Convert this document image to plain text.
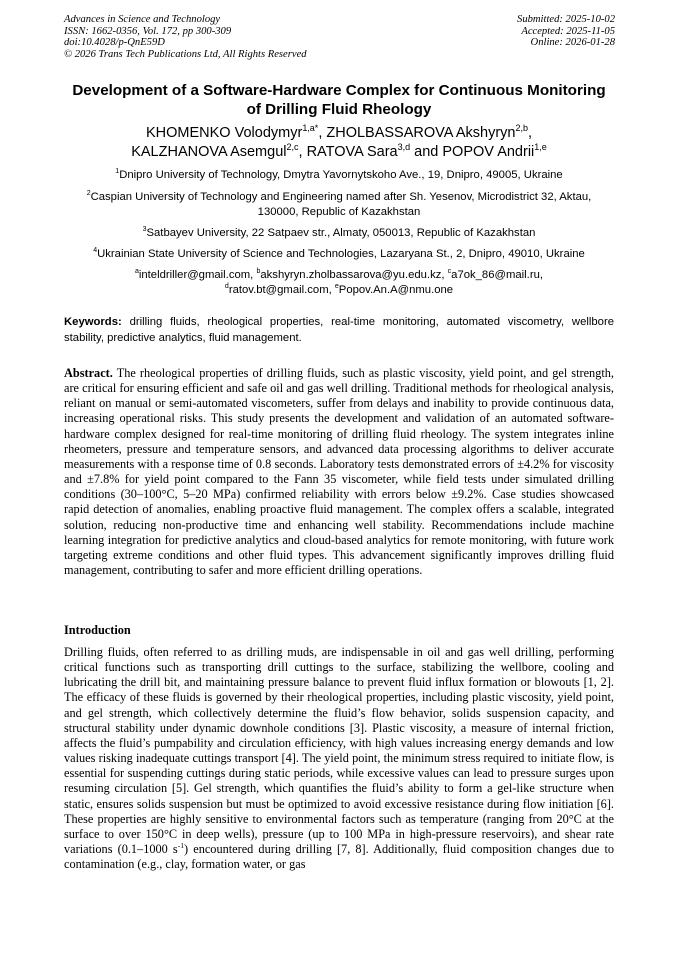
Advances in Science and Technology
ISSN: 1662-0356, Vol. 172, pp 300-309
doi:10.4028/p-QnE59D
© 2026 Trans Tech Publications Ltd, All Rights Reserved
Submitted: 2025-10-02
Accepted: 2025-11-05
Online: 2026-01-28
Development of a Software-Hardware Complex for Continuous Monitoring of Drilling Fluid Rheology
KHOMENKO Volodymyr$^{1,a*}$, ZHOLBASSAROVA Akshyryn$^{2,b}$,
KALZHANOVA Asemgul$^{2,c}$, RATOVA Sara$^{3,d}$ and POPOV Andrii$^{1,e}$
$^1$Dnipro University of Technology, Dmytra Yavornytskoho Ave., 19, Dnipro, 49005, Ukraine
$^2$Caspian University of Technology and Engineering named after Sh. Yesenov, Microdistrict 32, Aktau, 130000, Republic of Kazakhstan
$^3$Satbayev University, 22 Satpaev str., Almaty, 050013, Republic of Kazakhstan
$^4$Ukrainian State University of Science and Technologies, Lazaryana St., 2, Dnipro, 49010, Ukraine
$^a$inteldriller@gmail.com, $^b$akshyryn.zholbassarova@yu.edu.kz, $^c$a7ok_86@mail.ru,
$^d$ratov.bt@gmail.com, $^e$Popov.An.A@nmu.one
Keywords: drilling fluids, rheological properties, real-time monitoring, automated viscometry, wellbore stability, predictive analytics, fluid management.
Abstract. The rheological properties of drilling fluids, such as plastic viscosity, yield point, and gel strength, are critical for ensuring efficient and safe oil and gas well drilling. Traditional methods for rheological analysis, reliant on manual or semi-automated viscometers, suffer from delays and inability to provide continuous data, increasing operational risks. This study presents the development and validation of an automated software-hardware complex designed for real-time monitoring of drilling fluid rheology. The system integrates inline rheometers, pressure and temperature sensors, and advanced data processing algorithms to deliver accurate measurements with a response time of 0.8 seconds. Laboratory tests demonstrated errors of ±4.2% for viscosity and ±7.8% for yield point compared to the Fann 35 viscometer, while field tests under simulated drilling conditions (30–100°C, 5–20 MPa) confirmed reliability with errors below ±9.2%. Case studies showcased rapid detection of anomalies, enabling proactive fluid management. The complex offers a scalable, integrated solution, reducing non-productive time and enhancing well stability. Recommendations include machine learning integration for predictive analytics and cloud-based analytics for remote monitoring, with future work targeting extreme conditions and other fluid types. This advancement significantly improves drilling fluid management, contributing to safer and more efficient drilling operations.
Introduction
Drilling fluids, often referred to as drilling muds, are indispensable in oil and gas well drilling, performing critical functions such as transporting drill cuttings to the surface, stabilizing the wellbore, cooling and lubricating the drill bit, and maintaining pressure balance to prevent fluid influx formation or blowouts [1, 2]. The efficacy of these fluids is governed by their rheological properties, including plastic viscosity, yield point, and gel strength, which collectively determine the fluid’s flow behavior, solids suspension capacity, and structural stability under dynamic downhole conditions [3]. Plastic viscosity, a measure of internal friction, affects the fluid’s pumpability and circulation efficiency, with high values increasing energy demands and low values risking inadequate cuttings transport [4]. The yield point, the minimum stress required to initiate flow, is essential for suspending cuttings during static periods, while excessive values can lead to pressure surges upon resuming circulation [5]. Gel strength, which quantifies the fluid’s ability to form a gel-like structure when static, ensures solids suspension but must be optimized to avoid excessive resistance during flow initiation [6]. These properties are highly sensitive to environmental factors such as temperature (ranging from 20°C at the surface to over 150°C in deep wells), pressure (up to 100 MPa in high-pressure reservoirs), and shear rate variations (0.1–1000 $s^{-1}$) encountered during drilling [7, 8]. Additionally, fluid composition changes due to contamination (e.g., clay, formation water, or gas
